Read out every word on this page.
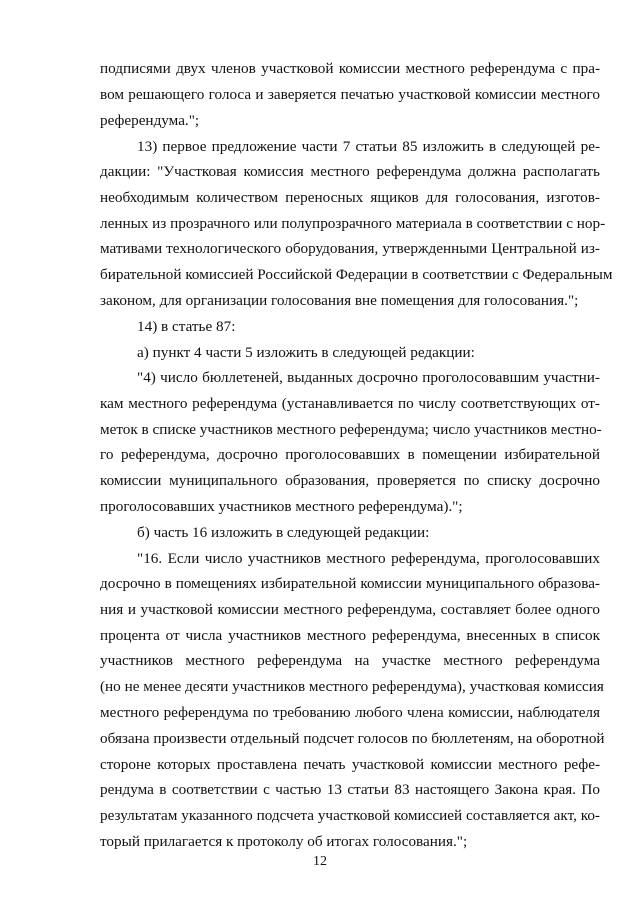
подписями двух членов участковой комиссии местного референдума с пра-
вом решающего голоса и заверяется печатью участковой комиссии местного
референдума.";
13) первое предложение части 7 статьи 85 изложить в следующей ре-
дакции: "Участковая комиссия местного референдума должна располагать
необходимым количеством переносных ящиков для голосования, изготов-
ленных из прозрачного или полупрозрачного материала в соответствии с нор-
мативами технологического оборудования, утвержденными Центральной из-
бирательной комиссией Российской Федерации в соответствии с Федеральным
законом, для организации голосования вне помещения для голосования.";
14) в статье 87:
а) пункт 4 части 5 изложить в следующей редакции:
"4) число бюллетеней, выданных досрочно проголосовавшим участни-
кам местного референдума (устанавливается по числу соответствующих от-
меток в списке участников местного референдума; число участников местно-
го референдума, досрочно проголосовавших в помещении избирательной
комиссии муниципального образования, проверяется по списку досрочно
проголосовавших участников местного референдума).";
б) часть 16 изложить в следующей редакции:
"16. Если число участников местного референдума, проголосовавших
досрочно в помещениях избирательной комиссии муниципального образова-
ния и участковой комиссии местного референдума, составляет более одного
процента от числа участников местного референдума, внесенных в список
участников местного референдума на участке местного референдума
(но не менее десяти участников местного референдума), участковая комиссия
местного референдума по требованию любого члена комиссии, наблюдателя
обязана произвести отдельный подсчет голосов по бюллетеням, на оборотной
стороне которых проставлена печать участковой комиссии местного рефе-
рендума в соответствии с частью 13 статьи 83 настоящего Закона края. По
результатам указанного подсчета участковой комиссией составляется акт, ко-
торый прилагается к протоколу об итогах голосования.";
12
